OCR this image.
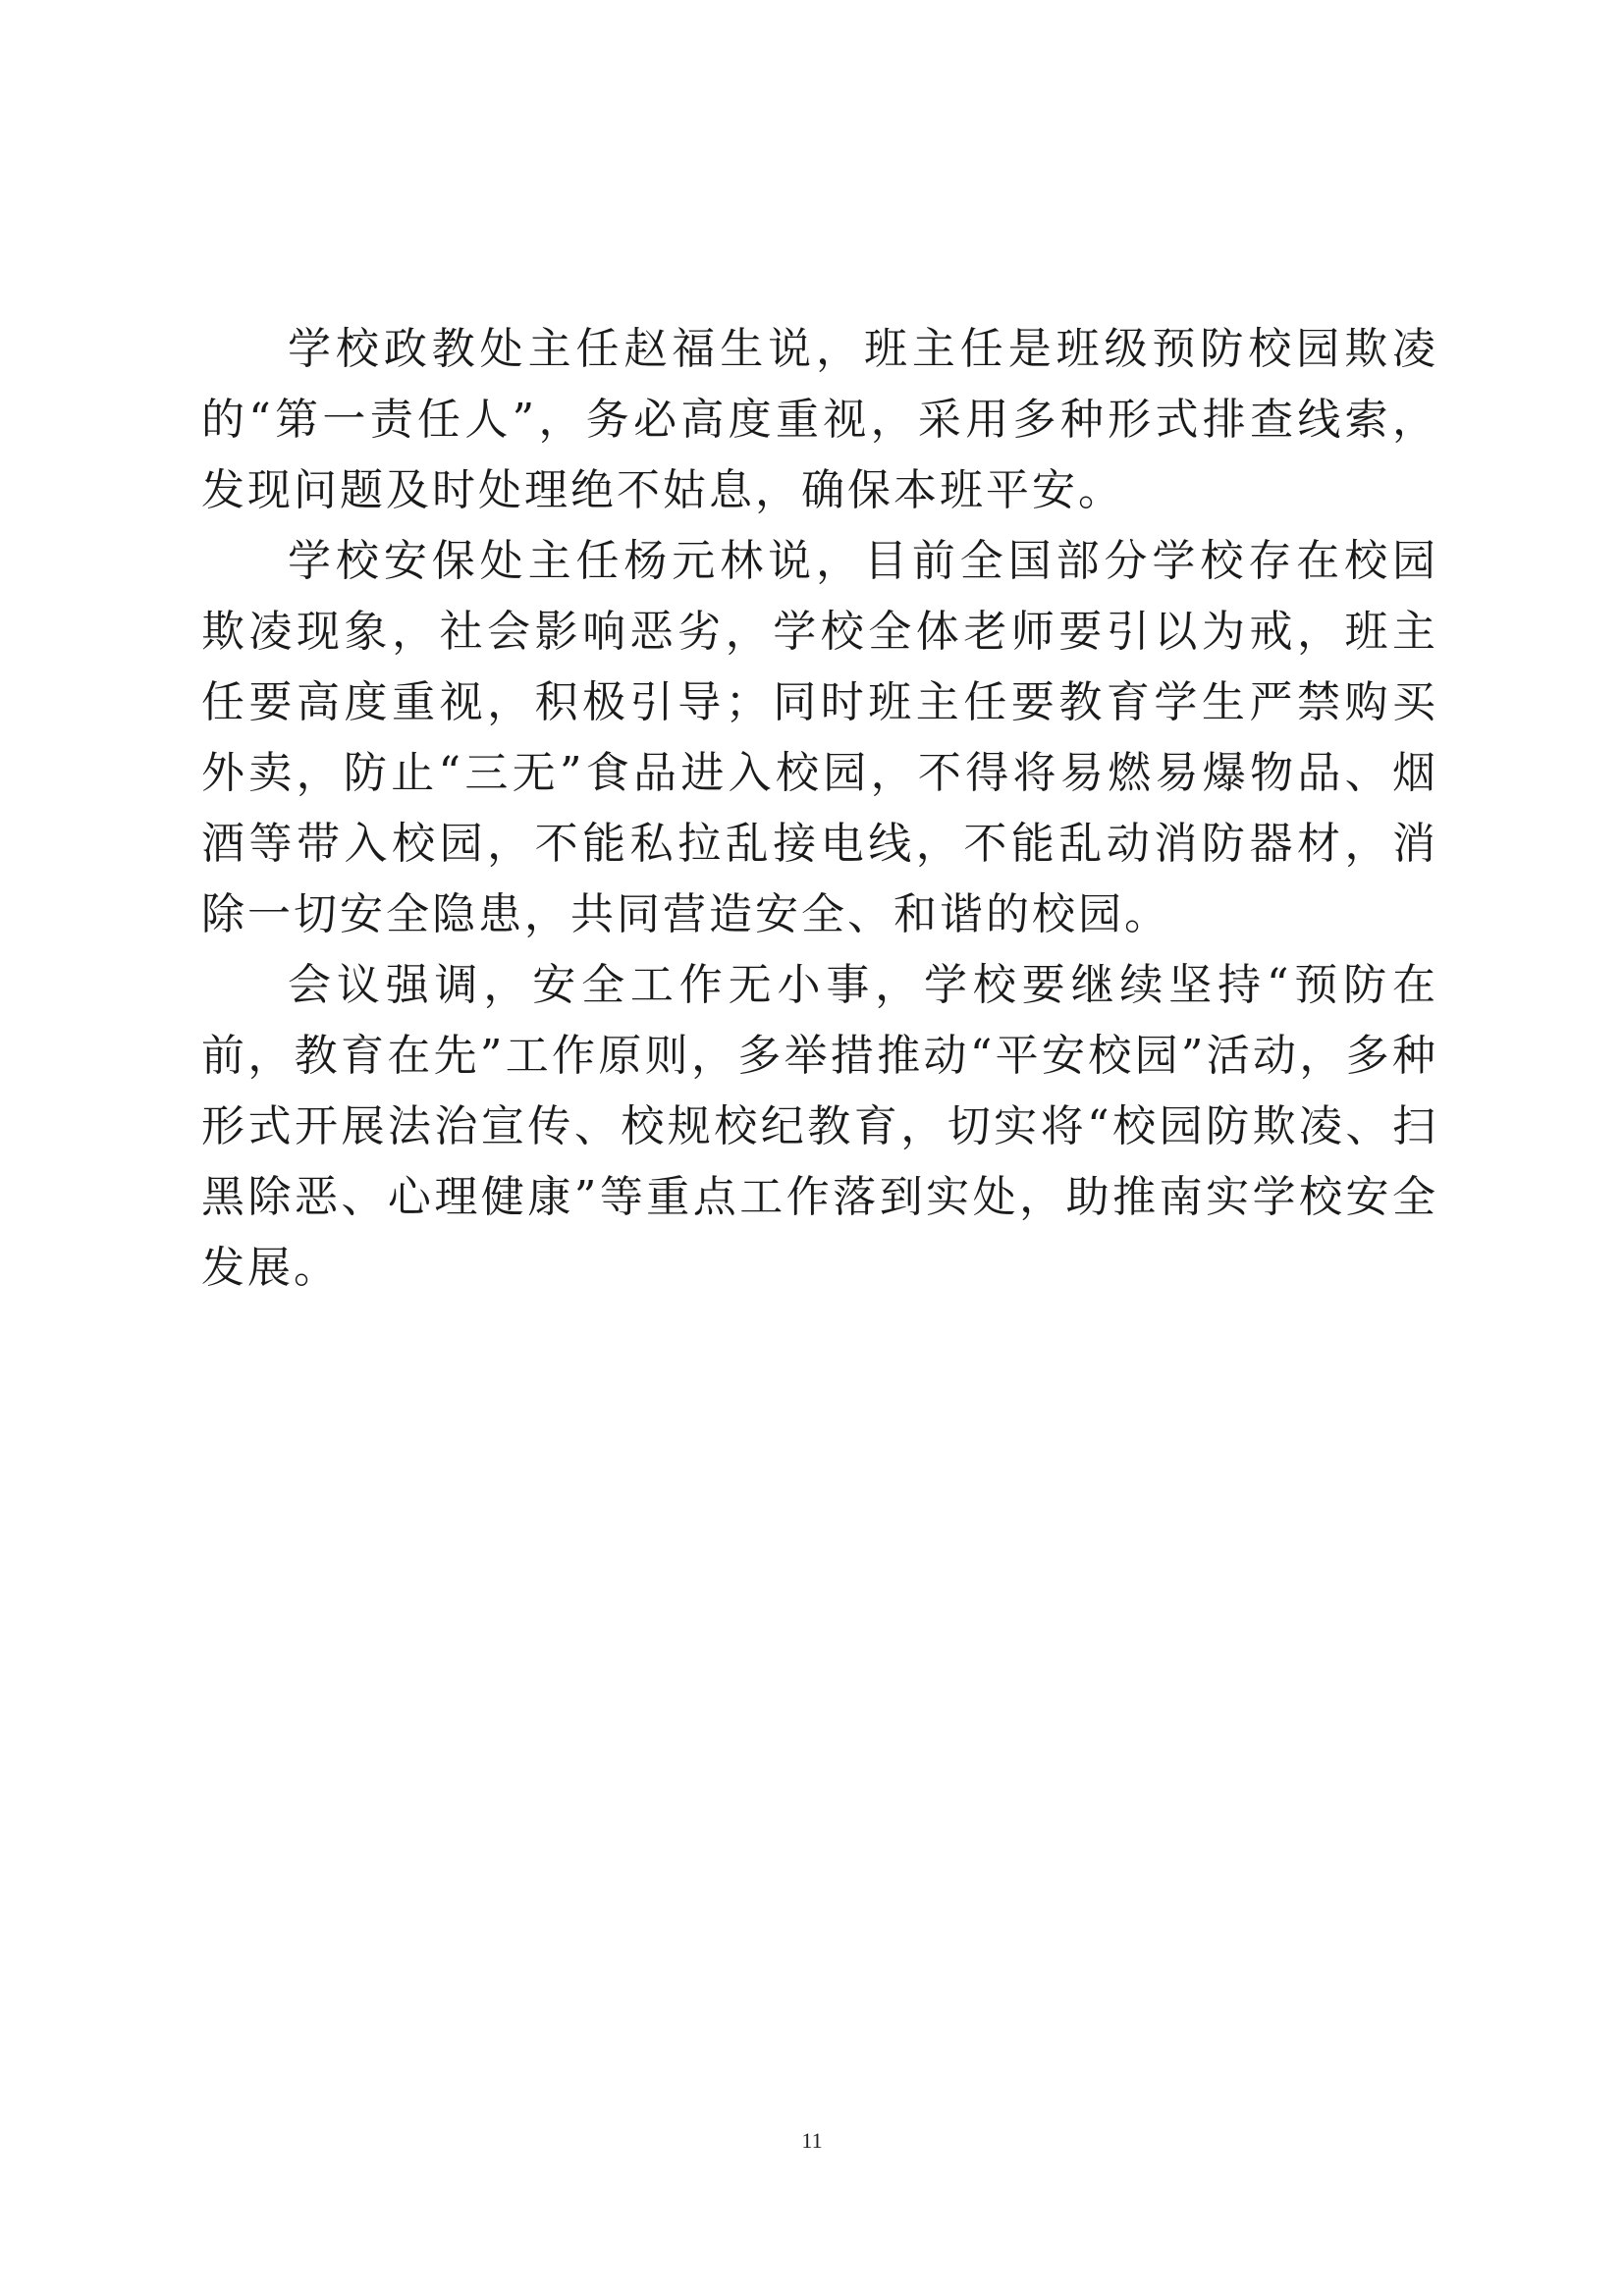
学校政教处主任赵福生说，班主任是班级预防校园欺凌的“第一责任人”，务必高度重视，采用多种形式排查线索，发现问题及时处理绝不姑息，确保本班平安。

学校安保处主任杨元林说，目前全国部分学校存在校园欺凌现象，社会影响恶劣，学校全体老师要引以为戒，班主任要高度重视，积极引导；同时班主任要教育学生严禁购买外卖，防止“三无”食品进入校园，不得将易燃易爆物品、烟酒等带入校园，不能私拉乱接电线，不能乱动消防器材，消除一切安全隐患，共同营造安全、和谐的校园。

会议强调，安全工作无小事，学校要继续坚持“预防在前，教育在先”工作原则，多举措推动“平安校园”活动，多种形式开展法治宣传、校规校纪教育，切实将“校园防欺凌、扫黑除恶、心理健康”等重点工作落到实处，助推南实学校安全发展。

11
